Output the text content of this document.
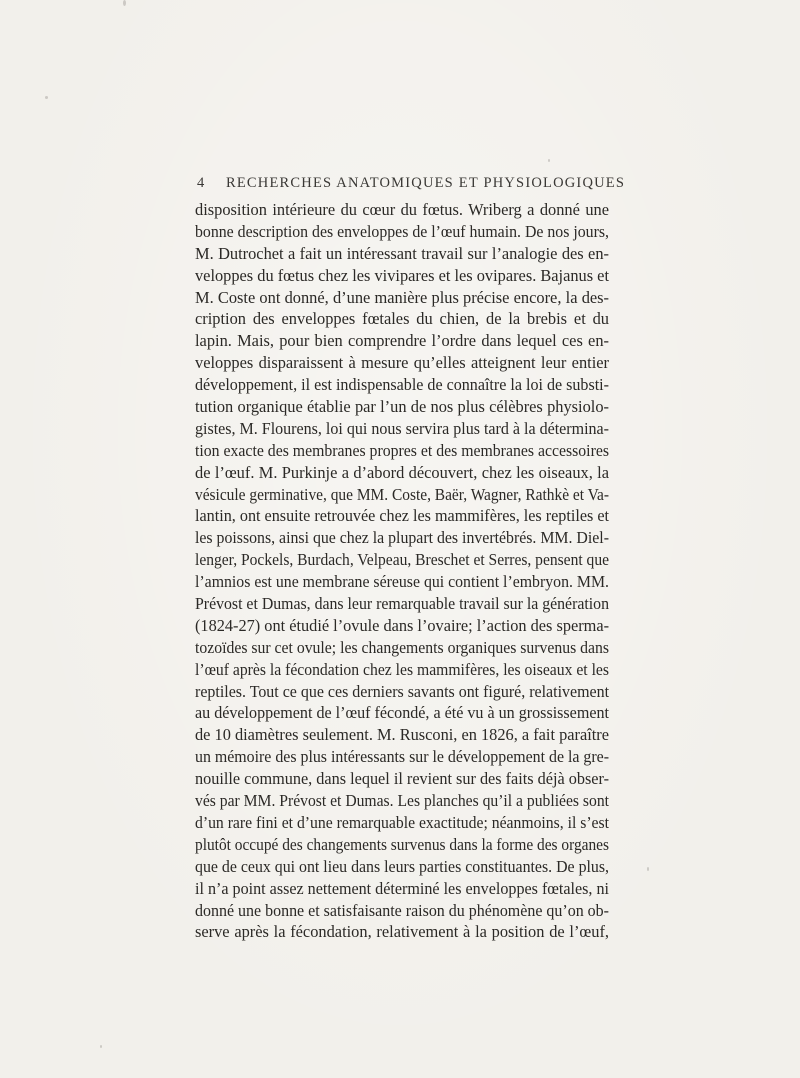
4 RECHERCHES ANATOMIQUES ET PHYSIOLOGIQUES
disposition intérieure du cœur du fœtus. Wriberg a donné une
bonne description des enveloppes de l’œuf humain. De nos jours,
M. Dutrochet a fait un intéressant travail sur l’analogie des en-
veloppes du fœtus chez les vivipares et les ovipares. Bajanus et
M. Coste ont donné, d’une manière plus précise encore, la des-
cription des enveloppes fœtales du chien, de la brebis et du
lapin. Mais, pour bien comprendre l’ordre dans lequel ces en-
veloppes disparaissent à mesure qu’elles atteignent leur entier
développement, il est indispensable de connaître la loi de substi-
tution organique établie par l’un de nos plus célèbres physiolo-
gistes, M. Flourens, loi qui nous servira plus tard à la détermina-
tion exacte des membranes propres et des membranes accessoires
de l’œuf. M. Purkinje a d’abord découvert, chez les oiseaux, la
vésicule germinative, que MM. Coste, Baër, Wagner, Rathkè et Va-
lantin, ont ensuite retrouvée chez les mammifères, les reptiles et
les poissons, ainsi que chez la plupart des invertébrés. MM. Diel-
lenger, Pockels, Burdach, Velpeau, Breschet et Serres, pensent que
l’amnios est une membrane séreuse qui contient l’embryon. MM.
Prévost et Dumas, dans leur remarquable travail sur la génération
(1824-27) ont étudié l’ovule dans l’ovaire; l’action des sperma-
tozoïdes sur cet ovule; les changements organiques survenus dans
l’œuf après la fécondation chez les mammifères, les oiseaux et les
reptiles. Tout ce que ces derniers savants ont figuré, relativement
au développement de l’œuf fécondé, a été vu à un grossissement
de 10 diamètres seulement. M. Rusconi, en 1826, a fait paraître
un mémoire des plus intéressants sur le développement de la gre-
nouille commune, dans lequel il revient sur des faits déjà obser-
vés par MM. Prévost et Dumas. Les planches qu’il a publiées sont
d’un rare fini et d’une remarquable exactitude; néanmoins, il s’est
plutôt occupé des changements survenus dans la forme des organes
que de ceux qui ont lieu dans leurs parties constituantes. De plus,
il n’a point assez nettement déterminé les enveloppes fœtales, ni
donné une bonne et satisfaisante raison du phénomène qu’on ob-
serve après la fécondation, relativement à la position de l’œuf,
